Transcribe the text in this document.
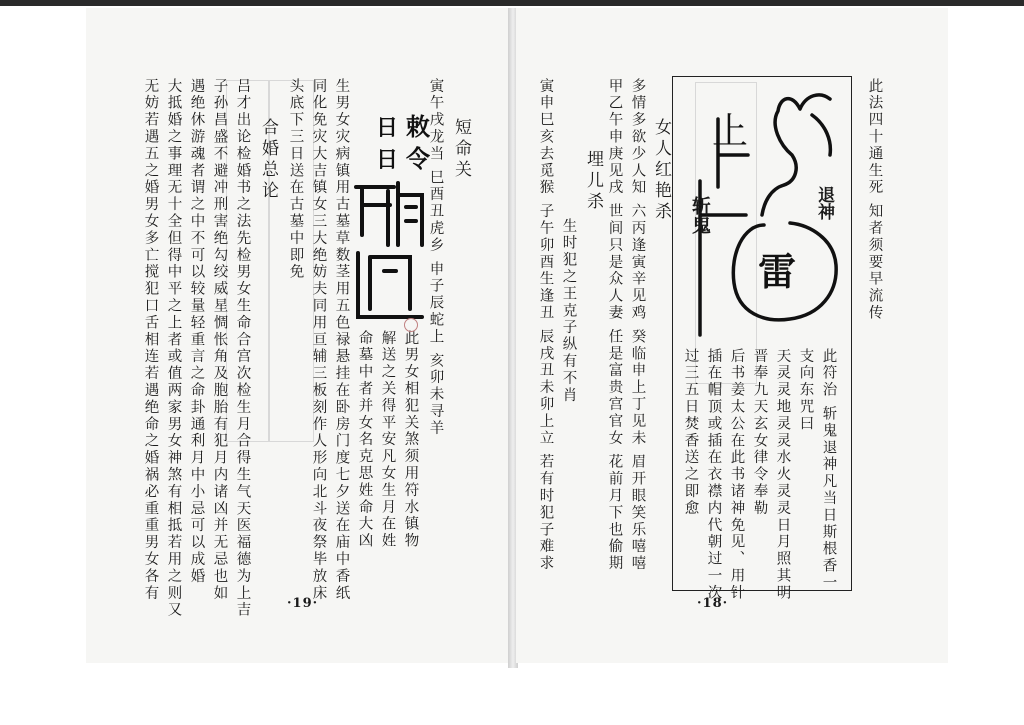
无妨若遇五之婚男女多亡搅犯口舌相连若遇绝命之婚祸必重重男女各有 大抵婚之事理无十全但得中平之上者或值两家男女神煞有相抵若用之则又 遇绝休游魂者谓之中不可以较量轻重言之命卦通利月中小忌可以成婚 子孙昌盛不避冲刑害绝勾绞威星惆怅角及胞胎有犯月内诸凶并无忌也如 吕才出论检婚书之法先检男女生命合宫次检生月合得生气天医福德为上吉 合婚总论 头底下三日送在古墓中即免 同化免灾大吉镇女三大绝妨夫同用亘辅三板刻作人形向北斗夜祭毕放床 生男女灾病镇用古墓草数茎用五色禄悬挂在卧房门度七夕送在庙中香纸 命墓中者并女名克思姓命大凶 解送之关得平安凡女生月在姓 此男女相犯关煞须用符水镇物
敕
令
日
日 寅午戌龙当 巳酉丑虎乡 申子辰蛇上 亥卯未寻羊 短命关
·19·
寅申巳亥去觅猴 子午卯酉生逢丑 辰戌丑未卯上立 若有时犯子难求 生时犯之王克子纵有不肖
埋儿杀 甲乙午申庚见戌 世间只是众人妻 任是富贵宫官女 花前月下也偷期 多情多欲少人知 六丙逢寅辛见鸡 癸临申上丁见未 眉开眼笑乐嘻嘻 女人红艳杀
过三五日焚香送之即愈 插在帽顶或插在衣襟内代朝过一次 后书姜太公在此书诸神免见、用针 晋奉九天玄女律令奉勒 天灵灵地灵灵水火灵灵日月照其明 支向东咒曰 此符治 斩鬼退神凡当日斯根香一
雷
上
退神
斩鬼	此法四十通生死 知者须要早流传
·18·
